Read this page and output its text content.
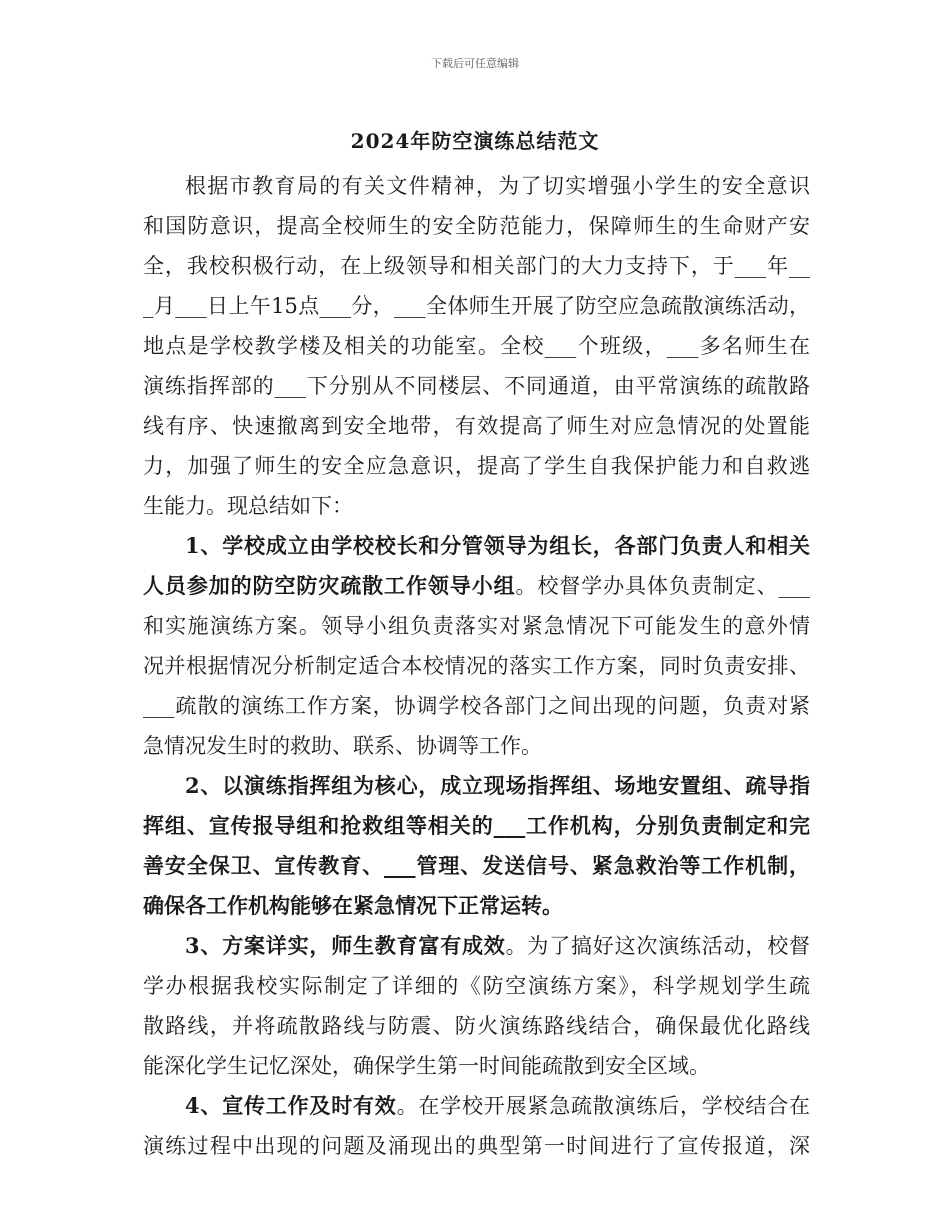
下载后可任意编辑
2024年防空演练总结范文
根据市教育局的有关文件精神，为了切实增强小学生的安全意识
和国防意识，提高全校师生的安全防范能力，保障师生的生命财产安
全，我校积极行动，在上级领导和相关部门的大力支持下，于___年__
_月___日上午15点___分，___全体师生开展了防空应急疏散演练活动，
地点是学校教学楼及相关的功能室。全校___个班级，___多名师生在
演练指挥部的___下分别从不同楼层、不同通道，由平常演练的疏散路
线有序、快速撤离到安全地带，有效提高了师生对应急情况的处置能
力，加强了师生的安全应急意识，提高了学生自我保护能力和自救逃
生能力。现总结如下：
1、学校成立由学校校长和分管领导为组长，各部门负责人和相关
人员参加的防空防灾疏散工作领导小组。校督学办具体负责制定、___
和实施演练方案。领导小组负责落实对紧急情况下可能发生的意外情
况并根据情况分析制定适合本校情况的落实工作方案，同时负责安排、
___疏散的演练工作方案，协调学校各部门之间出现的问题，负责对紧
急情况发生时的救助、联系、协调等工作。
2、以演练指挥组为核心，成立现场指挥组、场地安置组、疏导指
挥组、宣传报导组和抢救组等相关的___工作机构，分别负责制定和完
善安全保卫、宣传教育、___管理、发送信号、紧急救治等工作机制，
确保各工作机构能够在紧急情况下正常运转。
3、方案详实，师生教育富有成效。为了搞好这次演练活动，校督
学办根据我校实际制定了详细的《防空演练方案》，科学规划学生疏
散路线，并将疏散路线与防震、防火演练路线结合，确保最优化路线
能深化学生记忆深处，确保学生第一时间能疏散到安全区域。
4、宣传工作及时有效。在学校开展紧急疏散演练后，学校结合在
演练过程中出现的问题及涌现出的典型第一时间进行了宣传报道，深
